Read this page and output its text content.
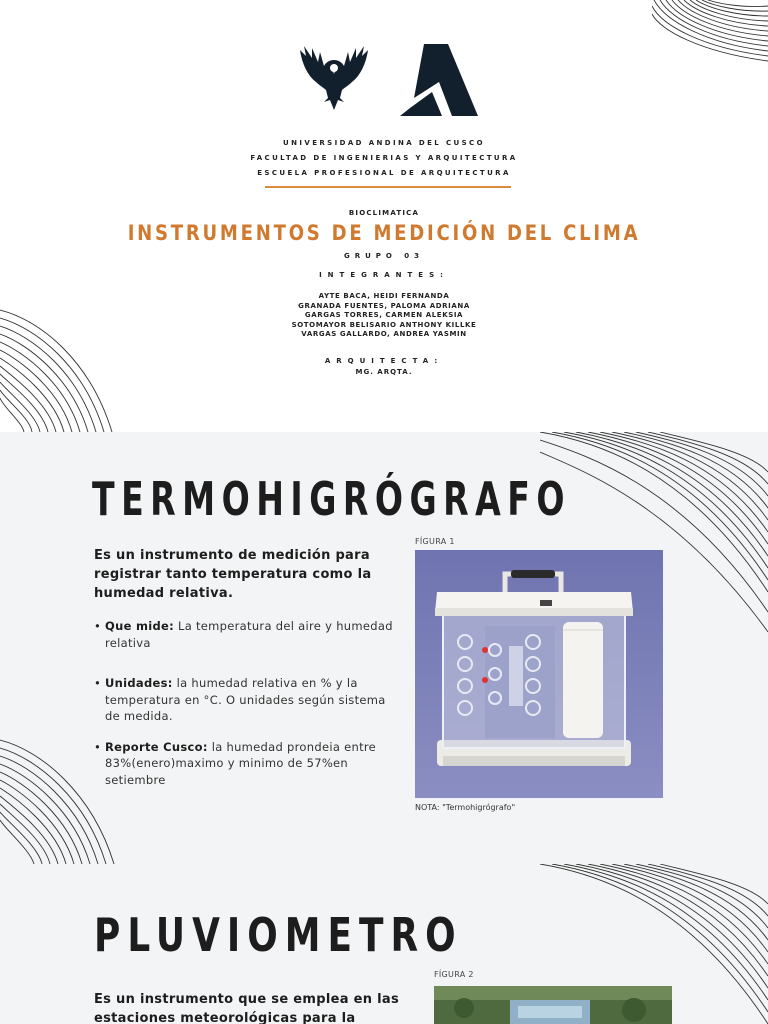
UNIVERSIDAD ANDINA DEL CUSCO
FACULTAD DE INGENIERIAS Y ARQUITECTURA
ESCUELA PROFESIONAL DE ARQUITECTURA
BIOCLIMATICA
INSTRUMENTOS DE MEDICIÓN DEL CLIMA
GRUPO 03
INTEGRANTES:
AYTE BACA, HEIDI FERNANDA
GRANADA FUENTES, PALOMA ADRIANA
GARGAS TORRES, CARMEN ALEKSIA
SOTOMAYOR BELISARIO ANTHONY KILLKE
VARGAS GALLARDO, ANDREA YASMIN
ARQUITECTA:
MG. ARQTA.
TERMOHIGRÓGRAFO
Es un instrumento de medición para registrar tanto temperatura como la humedad relativa.
• Que mide: La temperatura del aire y humedad relativa
• Unidades: la humedad relativa en % y la temperatura en °C. O unidades según sistema de medida.
• Reporte Cusco: la humedad prondeia entre 83%(enero)maximo y minimo de 57%en setiembre
FÍGURA 1
NOTA: "Termohigrógrafo"
PLUVIOMETRO
FÍGURA 2
Es un instrumento que se emplea en las estaciones meteorológicas para la
